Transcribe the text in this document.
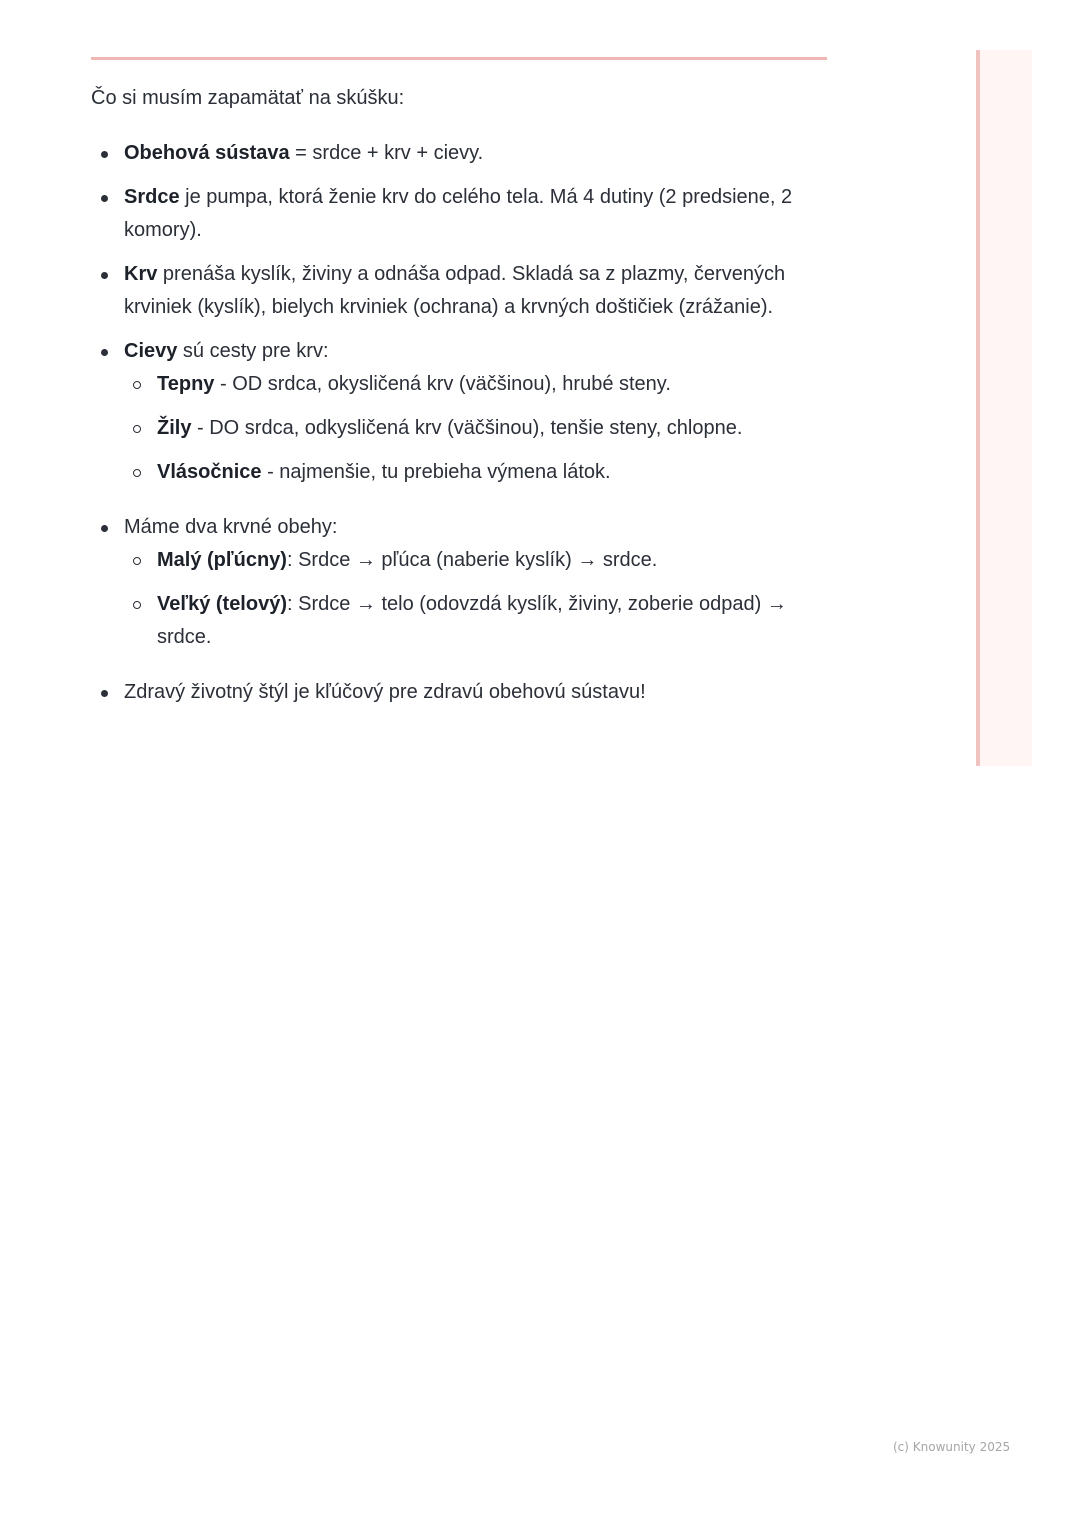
Čo si musím zapamätať na skúšku:

Obehová sústava = srdce + krv + cievy.
Srdce je pumpa, ktorá ženie krv do celého tela. Má 4 dutiny (2 predsiene, 2 komory).
Krv prenáša kyslík, živiny a odnáša odpad. Skladá sa z plazmy, červených krviniek (kyslík), bielych krviniek (ochrana) a krvných doštičiek (zrážanie).
Cievy sú cesty pre krv:
Tepny - OD srdca, okysličená krv (väčšinou), hrubé steny.
Žily - DO srdca, odkysličená krv (väčšinou), tenšie steny, chlopne.
Vlásočnice - najmenšie, tu prebieha výmena látok.
Máme dva krvné obehy:
Malý (pľúcny): Srdce → pľúca (naberie kyslík) → srdce.
Veľký (telový): Srdce → telo (odovzdá kyslík, živiny, zoberie odpad) → srdce.
Zdravý životný štýl je kľúčový pre zdravú obehovú sústavu!
(c) Knowunity 2025
